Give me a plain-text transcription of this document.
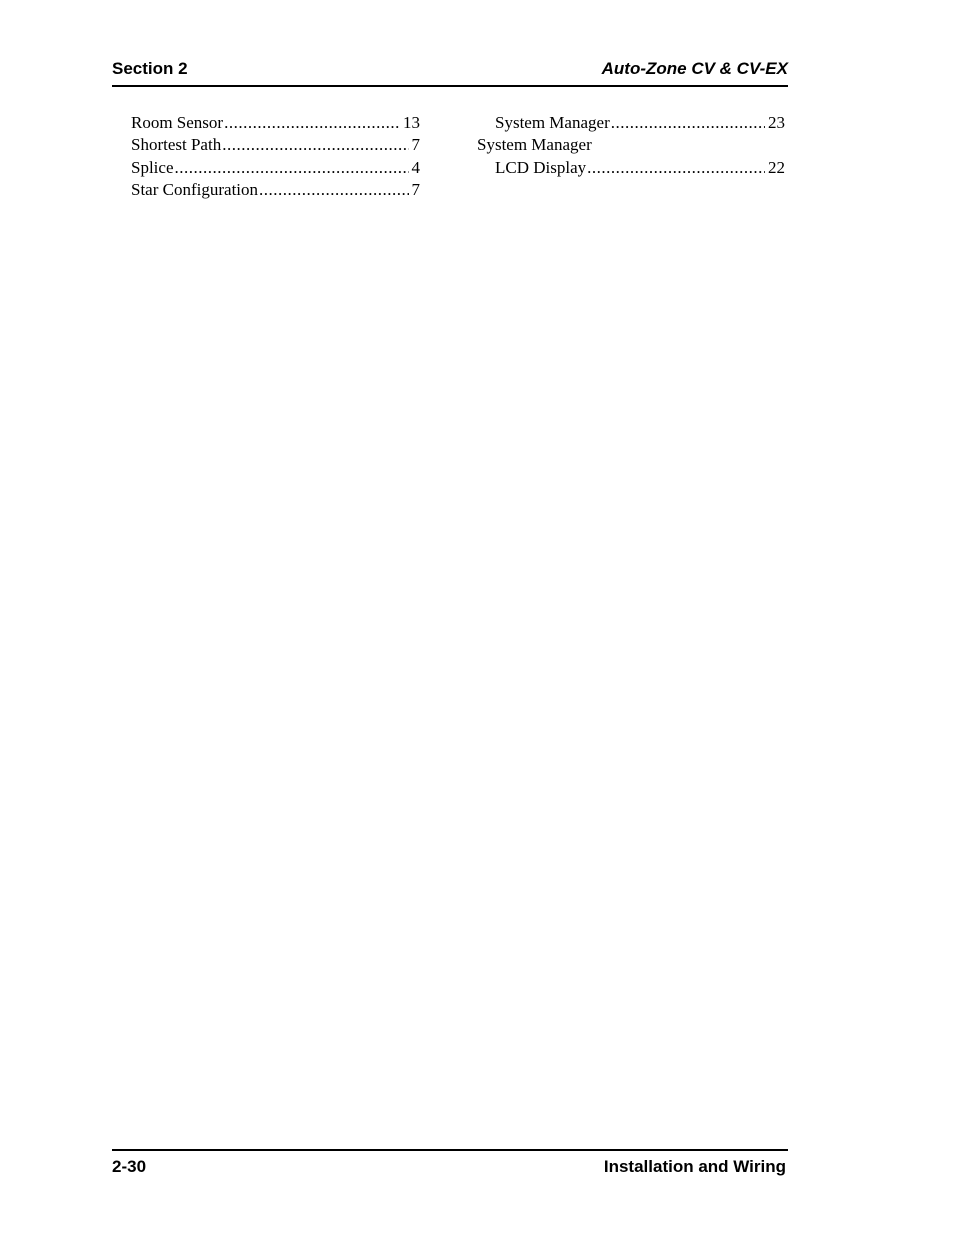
Section 2	Auto-Zone CV & CV-EX
Room Sensor .....	13
Shortest Path .....	7
Splice .....	4
Star Configuration .....	7
System Manager .....	23
System Manager
LCD Display .....	22
2-30	Installation and Wiring
